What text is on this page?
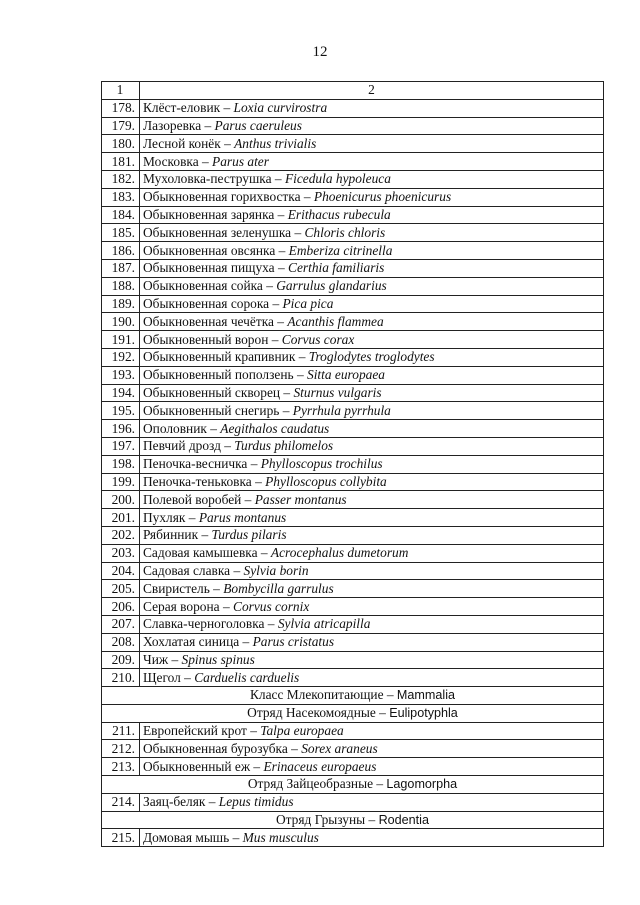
12
1	2
178.	Клёст-еловик – Loxia curvirostra
179.	Лазоревка – Parus caeruleus
180.	Лесной конёк – Anthus trivialis
181.	Московка – Parus ater
182.	Мухоловка-пеструшка – Ficedula hypoleuca
183.	Обыкновенная горихвостка – Phoenicurus phoenicurus
184.	Обыкновенная зарянка – Erithacus rubecula
185.	Обыкновенная зеленушка – Chloris chloris
186.	Обыкновенная овсянка – Emberiza citrinella
187.	Обыкновенная пищуха – Certhia familiaris
188.	Обыкновенная сойка – Garrulus glandarius
189.	Обыкновенная сорока – Pica pica
190.	Обыкновенная чечётка – Acanthis flammea
191.	Обыкновенный ворон – Corvus corax
192.	Обыкновенный крапивник – Troglodytes troglodytes
193.	Обыкновенный поползень – Sitta europaea
194.	Обыкновенный скворец – Sturnus vulgaris
195.	Обыкновенный снегирь – Pyrrhula pyrrhula
196.	Ополовник – Aegithalos caudatus
197.	Певчий дрозд – Turdus philomelos
198.	Пеночка-весничка – Phylloscopus trochilus
199.	Пеночка-теньковка – Phylloscopus collybita
200.	Полевой воробей – Passer montanus
201.	Пухляк – Parus montanus
202.	Рябинник – Turdus pilaris
203.	Садовая камышевка – Acrocephalus dumetorum
204.	Садовая славка – Sylvia borin
205.	Свиристель – Bombycilla garrulus
206.	Серая ворона – Corvus cornix
207.	Славка-черноголовка – Sylvia atricapilla
208.	Хохлатая синица – Parus cristatus
209.	Чиж – Spinus spinus
210.	Щегол – Carduelis carduelis
Класс Млекопитающие – Mammalia	
Отряд Насекомоядные – Eulipotyphla	
211.	Европейский крот – Talpa europaea
212.	Обыкновенная бурозубка – Sorex araneus
213.	Обыкновенный еж – Erinaceus europaeus
Отряд Зайцеобразные – Lagomorpha	
214.	Заяц-беляк – Lepus timidus
Отряд Грызуны – Rodentia	
215.	Домовая мышь – Mus musculus
